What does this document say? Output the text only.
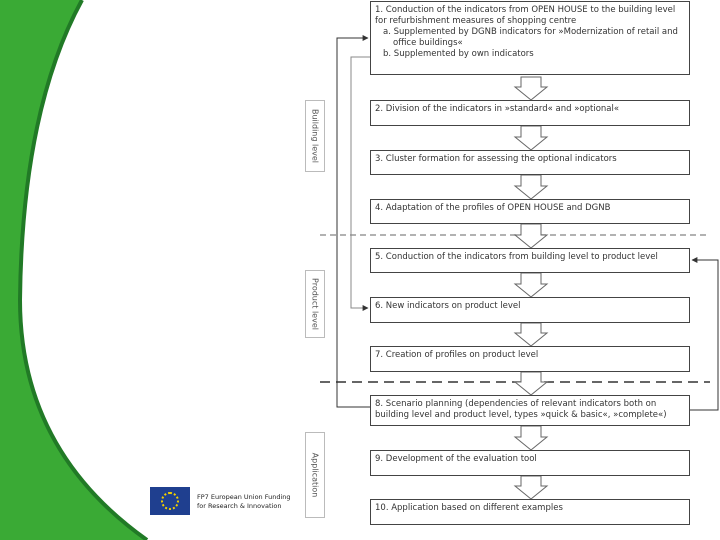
Building level
Product level
Application
1. Conduction of the indicators from OPEN HOUSE to the building level for refurbishment measures of shopping centre
a. Supplemented by DGNB indicators for »Modernization of retail and office buildings«
b. Supplemented by own indicators
2. Division of the indicators in »standard« and »optional«
3. Cluster formation for assessing the optional indicators
4. Adaptation of the profiles of OPEN HOUSE and DGNB
5. Conduction of the indicators from building level to product level
6. New indicators on product level
7. Creation of profiles on product level
8. Scenario planning (dependencies of relevant indicators both on building level and product level, types »quick & basic«, »complete«)
9. Development of the evaluation tool
10. Application based on different examples
FP7 European Union Funding
for Research & Innovation
